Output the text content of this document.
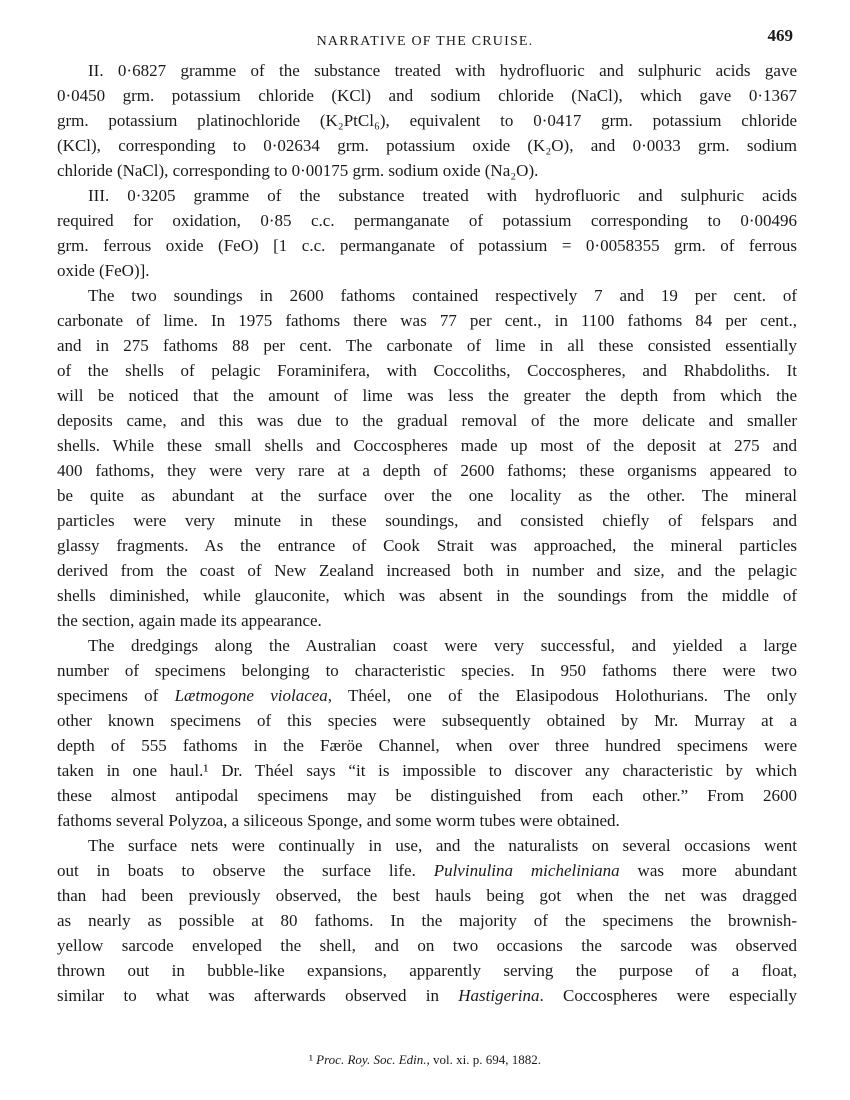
469
NARRATIVE OF THE CRUISE.
II. 0·6827 gramme of the substance treated with hydrofluoric and sulphuric acids gave
0·0450 grm. potassium chloride (KCl) and sodium chloride (NaCl), which gave 0·1367
grm. potassium platinochloride (K₂PtCl₆), equivalent to 0·0417 grm. potassium chloride
(KCl), corresponding to 0·02634 grm. potassium oxide (K₂O), and 0·0033 grm. sodium
chloride (NaCl), corresponding to 0·00175 grm. sodium oxide (Na₂O).
III. 0·3205 gramme of the substance treated with hydrofluoric and sulphuric acids
required for oxidation, 0·85 c.c. permanganate of potassium corresponding to 0·00496
grm. ferrous oxide (FeO) [1 c.c. permanganate of potassium = 0·0058355 grm. of ferrous
oxide (FeO)].
The two soundings in 2600 fathoms contained respectively 7 and 19 per cent. of
carbonate of lime. In 1975 fathoms there was 77 per cent., in 1100 fathoms 84 per cent.,
and in 275 fathoms 88 per cent. The carbonate of lime in all these consisted essentially
of the shells of pelagic Foraminifera, with Coccoliths, Coccospheres, and Rhabdoliths. It
will be noticed that the amount of lime was less the greater the depth from which the
deposits came, and this was due to the gradual removal of the more delicate and smaller
shells. While these small shells and Coccospheres made up most of the deposit at 275 and
400 fathoms, they were very rare at a depth of 2600 fathoms; these organisms appeared to
be quite as abundant at the surface over the one locality as the other. The mineral
particles were very minute in these soundings, and consisted chiefly of felspars and
glassy fragments. As the entrance of Cook Strait was approached, the mineral particles
derived from the coast of New Zealand increased both in number and size, and the pelagic
shells diminished, while glauconite, which was absent in the soundings from the middle of
the section, again made its appearance.
The dredgings along the Australian coast were very successful, and yielded a large
number of specimens belonging to characteristic species. In 950 fathoms there were two
specimens of Lætmogone violacea, Théel, one of the Elasipodous Holothurians. The only
other known specimens of this species were subsequently obtained by Mr. Murray at a
depth of 555 fathoms in the Færöe Channel, when over three hundred specimens were
taken in one haul.¹ Dr. Théel says “it is impossible to discover any characteristic by which
these almost antipodal specimens may be distinguished from each other.” From 2600
fathoms several Polyzoa, a siliceous Sponge, and some worm tubes were obtained.
The surface nets were continually in use, and the naturalists on several occasions went
out in boats to observe the surface life. Pulvinulina micheliniana was more abundant
than had been previously observed, the best hauls being got when the net was dragged
as nearly as possible at 80 fathoms. In the majority of the specimens the brownish-
yellow sarcode enveloped the shell, and on two occasions the sarcode was observed
thrown out in bubble-like expansions, apparently serving the purpose of a float,
similar to what was afterwards observed in Hastigerina. Coccospheres were especially
¹ Proc. Roy. Soc. Edin., vol. xi. p. 694, 1882.
